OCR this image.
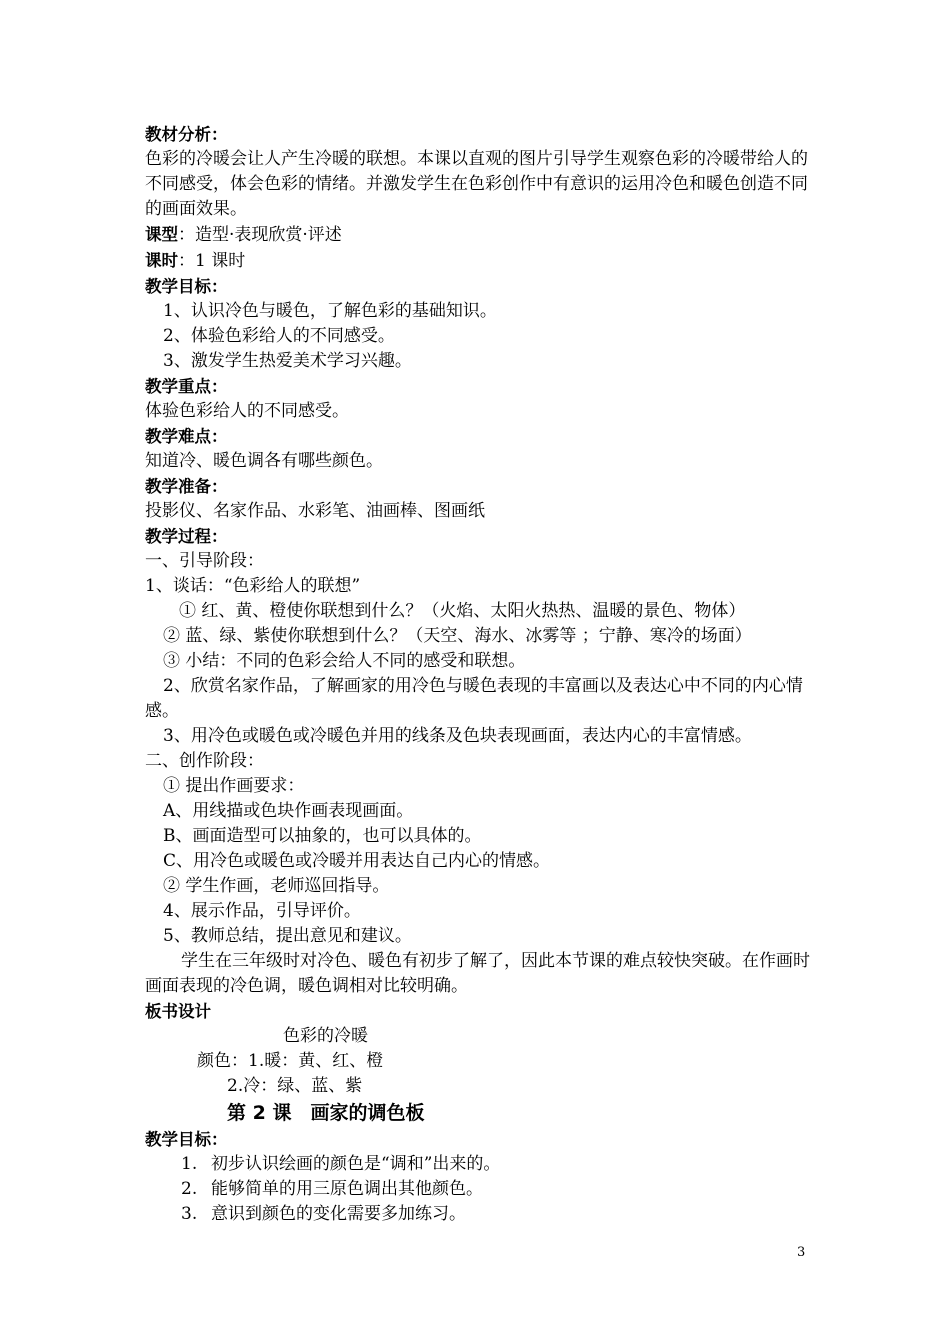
教材分析：

色彩的冷暖会让人产生冷暖的联想。本课以直观的图片引导学生观察色彩的冷暖带给人的不同感受，体会色彩的情绪。并激发学生在色彩创作中有意识的运用冷色和暖色创造不同的画面效果。

课型：造型·表现欣赏·评述

课时：1 课时

教学目标：

1、认识冷色与暖色，了解色彩的基础知识。

2、体验色彩给人的不同感受。

3、激发学生热爱美术学习兴趣。

教学重点：

体验色彩给人的不同感受。

教学难点：

知道冷、暖色调各有哪些颜色。

教学准备：

投影仪、名家作品、水彩笔、油画棒、图画纸

教学过程：

一、引导阶段：

1、谈话：“色彩给人的联想”

① 红、黄、橙使你联想到什么？（火焰、太阳火热热、温暖的景色、物体）

② 蓝、绿、紫使你联想到什么？（天空、海水、冰雾等 ；宁静、寒冷的场面）

③ 小结：不同的色彩会给人不同的感受和联想。

2、欣赏名家作品，了解画家的用冷色与暖色表现的丰富画以及表达心中不同的内心情感。

3、用冷色或暖色或冷暖色并用的线条及色块表现画面，表达内心的丰富情感。

二、创作阶段：

① 提出作画要求：

A、用线描或色块作画表现画面。

B、画面造型可以抽象的，也可以具体的。

C、用冷色或暖色或冷暖并用表达自己内心的情感。

② 学生作画，老师巡回指导。

4、展示作品，引导评价。

5、教师总结，提出意见和建议。

学生在三年级时对冷色、暖色有初步了解了，因此本节课的难点较快突破。在作画时画面表现的冷色调，暖色调相对比较明确。

板书设计

色彩的冷暖

颜色：1.暖：黄、红、橙

2.冷：绿、蓝、紫

第 2 课　画家的调色板

教学目标：

1. 初步认识绘画的颜色是“调和”出来的。

2. 能够简单的用三原色调出其他颜色。

3. 意识到颜色的变化需要多加练习。

3
